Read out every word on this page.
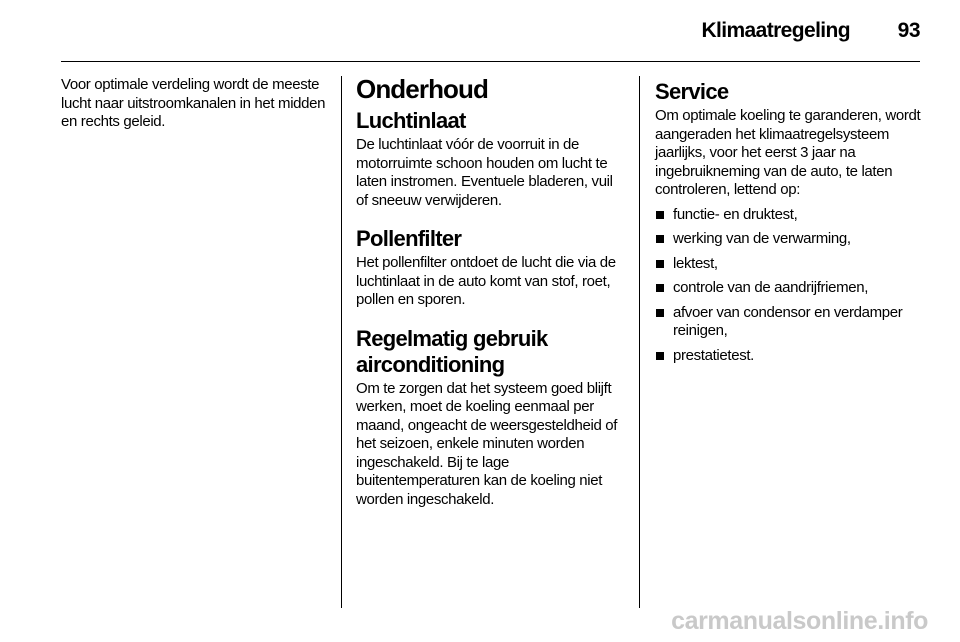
Klimaatregeling	93

Voor optimale verdeling wordt de meeste lucht naar uitstroomkanalen in het midden en rechts geleid.

Onderhoud
Luchtinlaat

De luchtinlaat vóór de voorruit in de motorruimte schoon houden om lucht te laten instromen. Eventuele bladeren, vuil of sneeuw verwijderen.

Pollenfilter

Het pollenfilter ontdoet de lucht die via de luchtinlaat in de auto komt van stof, roet, pollen en sporen.

Regelmatig gebruik airconditioning

Om te zorgen dat het systeem goed blijft werken, moet de koeling eenmaal per maand, ongeacht de weersgesteldheid of het seizoen, enkele minuten worden ingeschakeld. Bij te lage buitentemperaturen kan de koeling niet worden ingeschakeld.

Service

Om optimale koeling te garanderen, wordt aangeraden het klimaatregelsysteem jaarlijks, voor het eerst 3 jaar na ingebruikneming van de auto, te laten controleren, lettend op:

functie- en druktest,
werking van de verwarming,
lektest,
controle van de aandrijfriemen,
afvoer van condensor en verdamper reinigen,
prestatietest.
carmanualsonline.info
